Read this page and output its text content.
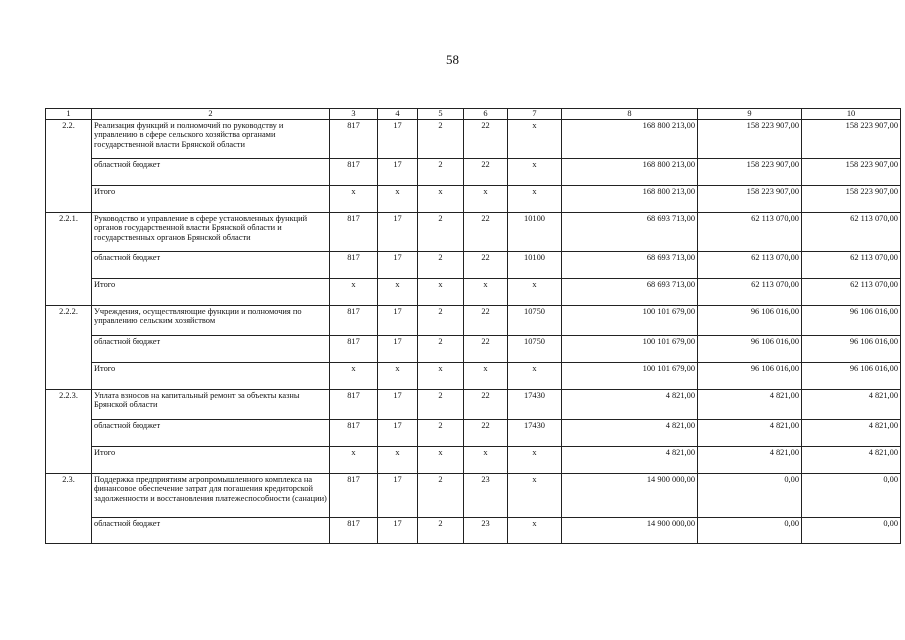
58
1	2	3	4	5	6	7	8	9	10
2.2.	Реализация функций и полномочий по руководству и управлению в сфере сельского хозяйства органами государственной власти Брянской области	817	17	2	22	x	168 800 213,00	158 223 907,00	158 223 907,00
	областной бюджет	817	17	2	22	x	168 800 213,00	158 223 907,00	158 223 907,00
	Итого	x	x	x	x	x	168 800 213,00	158 223 907,00	158 223 907,00
2.2.1.	Руководство и управление в сфере установленных функций органов государственной власти Брянской области и государственных органов Брянской области	817	17	2	22	10100	68 693 713,00	62 113 070,00	62 113 070,00
	областной бюджет	817	17	2	22	10100	68 693 713,00	62 113 070,00	62 113 070,00
	Итого	x	x	x	x	x	68 693 713,00	62 113 070,00	62 113 070,00
2.2.2.	Учреждения, осуществляющие функции и полномочия по управлению сельским хозяйством	817	17	2	22	10750	100 101 679,00	96 106 016,00	96 106 016,00
	областной бюджет	817	17	2	22	10750	100 101 679,00	96 106 016,00	96 106 016,00
	Итого	x	x	x	x	x	100 101 679,00	96 106 016,00	96 106 016,00
2.2.3.	Уплата взносов на капитальный ремонт за объекты казны Брянской области	817	17	2	22	17430	4 821,00	4 821,00	4 821,00
	областной бюджет	817	17	2	22	17430	4 821,00	4 821,00	4 821,00
	Итого	x	x	x	x	x	4 821,00	4 821,00	4 821,00
2.3.	Поддержка предприятиям агропромышленного комплекса на финансовое обеспечение затрат для погашения кредиторской задолженности и восстановления платежеспособности (санации)	817	17	2	23	x	14 900 000,00	0,00	0,00
	областной бюджет	817	17	2	23	x	14 900 000,00	0,00	0,00
